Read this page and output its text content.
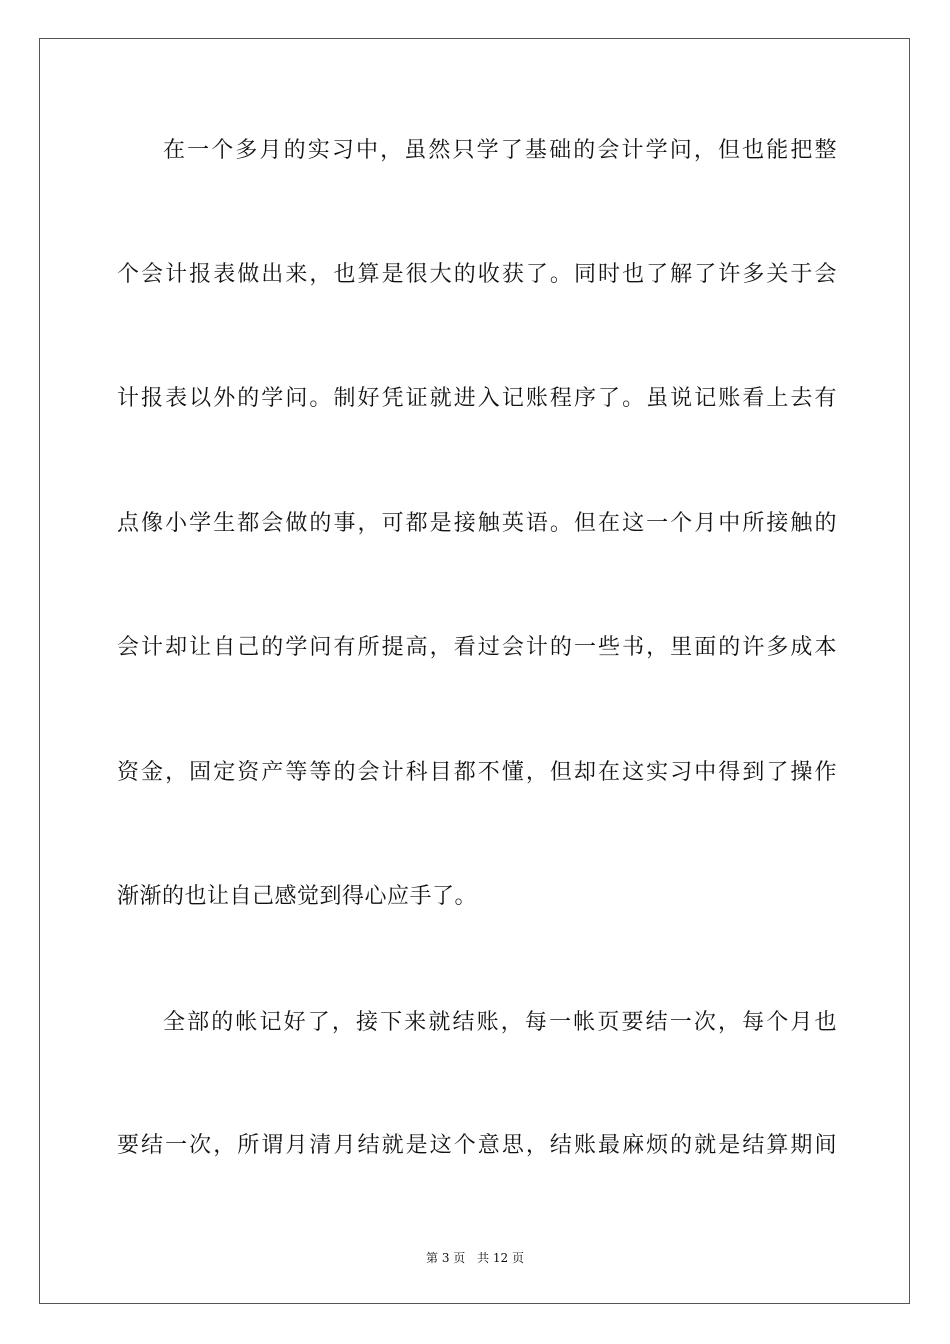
在一个多月的实习中，虽然只学了基础的会计学问，但也能把整
个会计报表做出来，也算是很大的收获了。同时也了解了许多关于会
计报表以外的学问。制好凭证就进入记账程序了。虽说记账看上去有
点像小学生都会做的事，可都是接触英语。但在这一个月中所接触的
会计却让自己的学问有所提高，看过会计的一些书，里面的许多成本
资金，固定资产等等的会计科目都不懂，但却在这实习中得到了操作
渐渐的也让自己感觉到得心应手了。
全部的帐记好了，接下来就结账，每一帐页要结一次，每个月也
要结一次，所谓月清月结就是这个意思，结账最麻烦的就是结算期间
第 3 页 共 12 页
